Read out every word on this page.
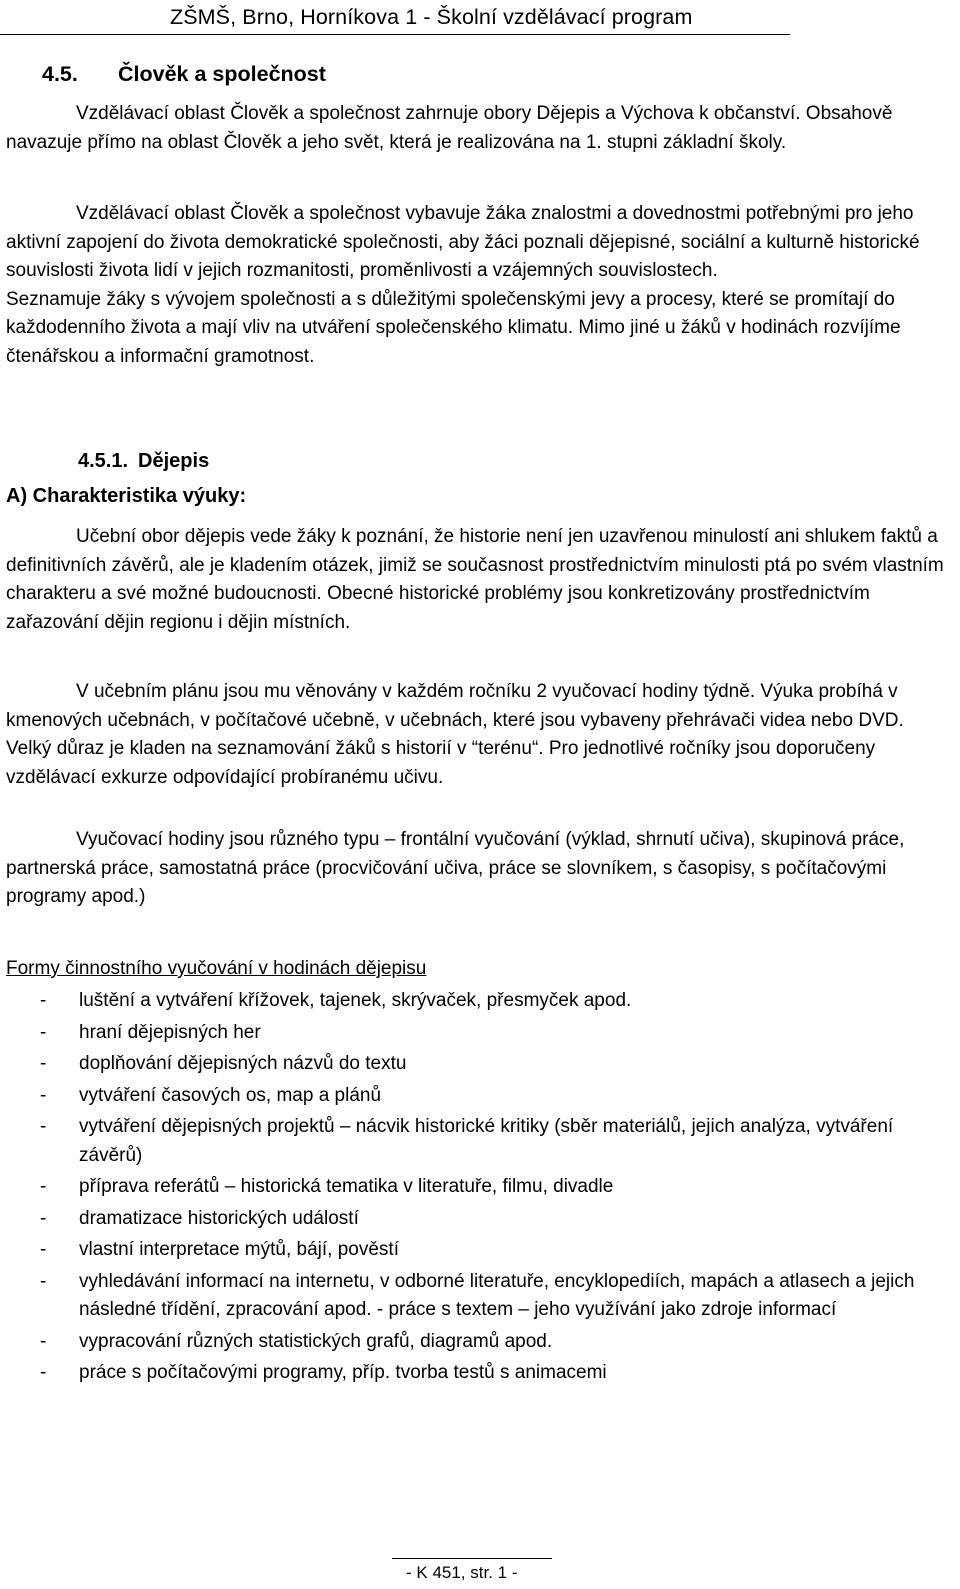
ZŠMŠ, Brno, Horníkova 1 - Školní vzdělávací program
4.5. Člověk a společnost

Vzdělávací oblast Člověk a společnost zahrnuje obory Dějepis a Výchova k občanství. Obsahově navazuje přímo na oblast Člověk a jeho svět, která je realizována na 1. stupni základní školy.

Vzdělávací oblast Člověk a společnost vybavuje žáka znalostmi a dovednostmi potřebnými pro jeho aktivní zapojení do života demokratické společnosti, aby žáci poznali dějepisné, sociální a kulturně historické souvislosti života lidí v jejich rozmanitosti, proměnlivosti a vzájemných souvislostech.

Seznamuje žáky s vývojem společnosti a s důležitými společenskými jevy a procesy, které se promítají do každodenního života a mají vliv na utváření společenského klimatu. Mimo jiné u žáků v hodinách rozvíjíme čtenářskou a informační gramotnost.

4.5.1. Dějepis
A) Charakteristika výuky:

Učební obor dějepis vede žáky k poznání, že historie není jen uzavřenou minulostí ani shlukem faktů a definitivních závěrů, ale je kladením otázek, jimiž se současnost prostřednictvím minulosti ptá po svém vlastním charakteru a své možné budoucnosti. Obecné historické problémy jsou konkretizovány prostřednictvím zařazování dějin regionu i dějin místních.

V učebním plánu jsou mu věnovány v každém ročníku 2 vyučovací hodiny týdně. Výuka probíhá v kmenových učebnách, v počítačové učebně, v učebnách, které jsou vybaveny přehrávači videa nebo DVD. Velký důraz je kladen na seznamování žáků s historií v “terénu“. Pro jednotlivé ročníky jsou doporučeny vzdělávací exkurze odpovídající probíranému učivu.

Vyučovací hodiny jsou různého typu – frontální vyučování (výklad, shrnutí učiva), skupinová práce, partnerská práce, samostatná práce (procvičování učiva, práce se slovníkem, s časopisy, s počítačovými programy apod.)

Formy činnostního vyučování v hodinách dějepisu
- luštění a vytváření křížovek, tajenek, skrývaček, přesmyček apod.
- hraní dějepisných her
- doplňování dějepisných názvů do textu
- vytváření časových os, map a plánů
- vytváření dějepisných projektů – nácvik historické kritiky (sběr materiálů, jejich analýza, vytváření závěrů)
- příprava referátů – historická tematika v literatuře, filmu, divadle
- dramatizace historických událostí
- vlastní interpretace mýtů, bájí, pověstí
- vyhledávání informací na internetu, v odborné literatuře, encyklopediích, mapách a atlasech a jejich následné třídění, zpracování apod. - práce s textem – jeho využívání jako zdroje informací
- vypracování různých statistických grafů, diagramů apod.
- práce s počítačovými programy, příp. tvorba testů s animacemi
- K 451, str. 1 -
